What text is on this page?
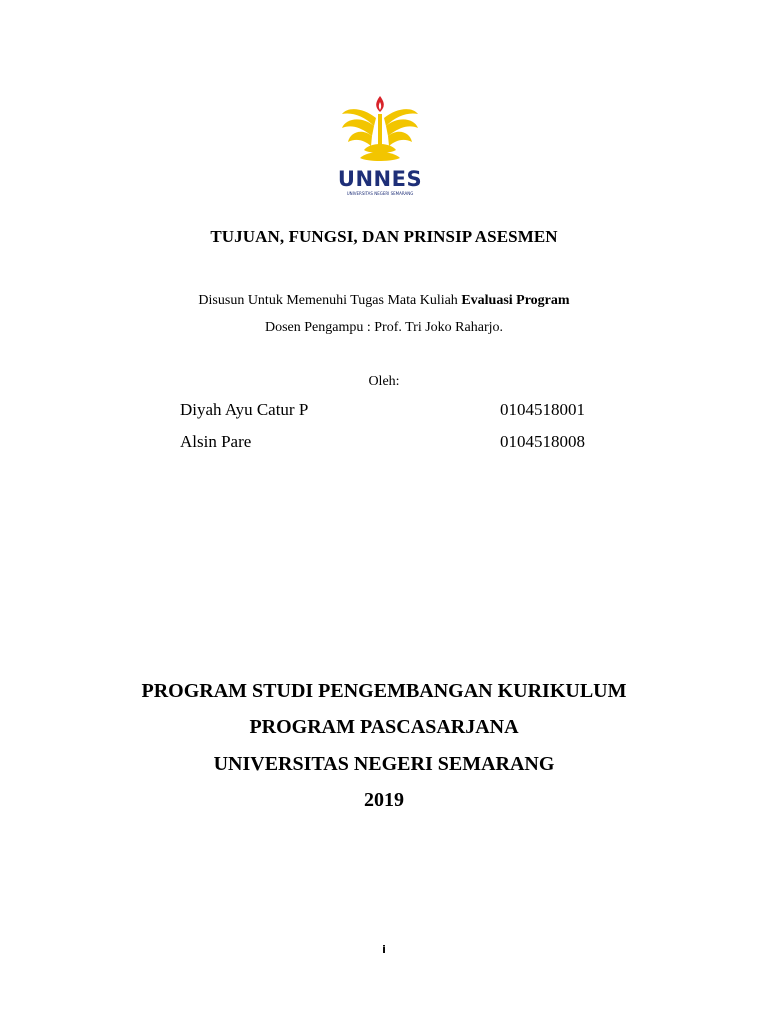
UNNES
UNIVERSITAS NEGERI SEMARANG
TUJUAN, FUNGSI, DAN PRINSIP ASESMEN
Disusun Untuk Memenuhi Tugas Mata Kuliah Evaluasi Program
Dosen Pengampu : Prof. Tri Joko Raharjo.
Oleh:
Diyah Ayu Catur P	0104518001
Alsin Pare	0104518008
PROGRAM STUDI PENGEMBANGAN KURIKULUM
PROGRAM PASCASARJANA
UNIVERSITAS NEGERI SEMARANG
2019
i
